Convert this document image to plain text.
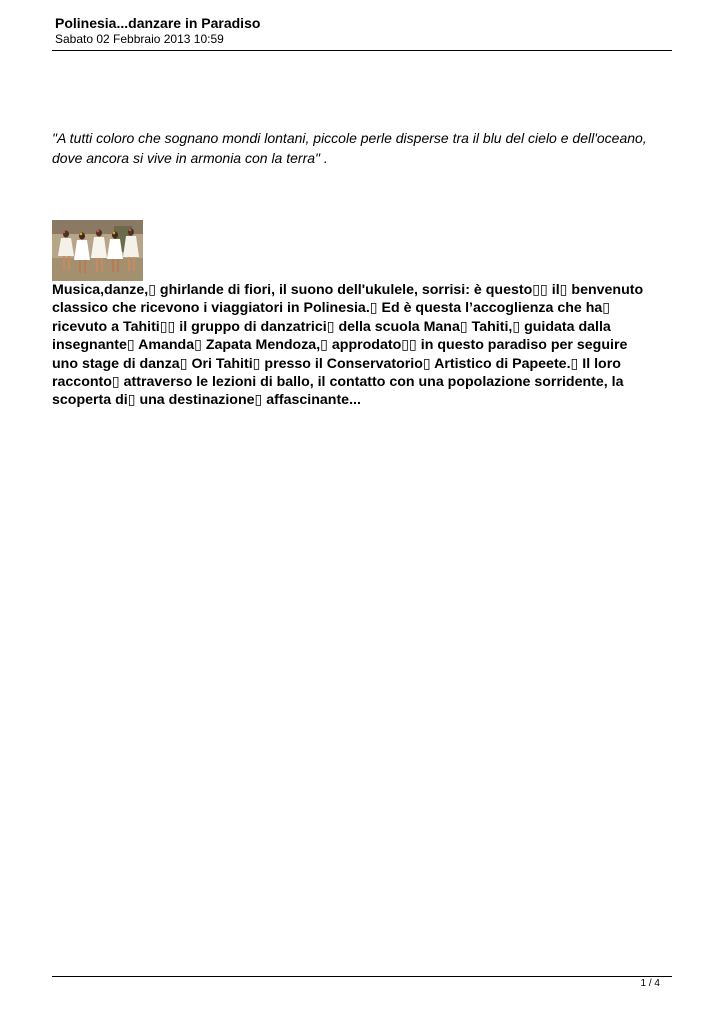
Polinesia...danzare in Paradiso

Sabato 02 Febbraio 2013 10:59

"A tutti coloro che sognano mondi lontani, piccole perle disperse tra il blu del cielo e dell'oceano, dove ancora si vive in armonia con la terra" .

Musica,danze,▯ ghirlande di fiori, il suono dell'ukulele, sorrisi: è questo▯▯ il▯ benvenuto
classico che ricevono i viaggiatori in Polinesia.▯ Ed è questa l’accoglienza che ha▯
ricevuto a Tahiti▯▯ il gruppo di danzatrici▯ della scuola Mana▯ Tahiti,▯ guidata dalla
insegnante▯ Amanda▯ Zapata Mendoza,▯ approdato▯▯ in questo paradiso per seguire
uno stage di danza▯ Ori Tahiti▯ presso il Conservatorio▯ Artistico di Papeete.▯ Il loro
racconto▯ attraverso le lezioni di ballo, il contatto con una popolazione sorridente, la
scoperta di▯ una destinazione▯ affascinante...

1 / 4
